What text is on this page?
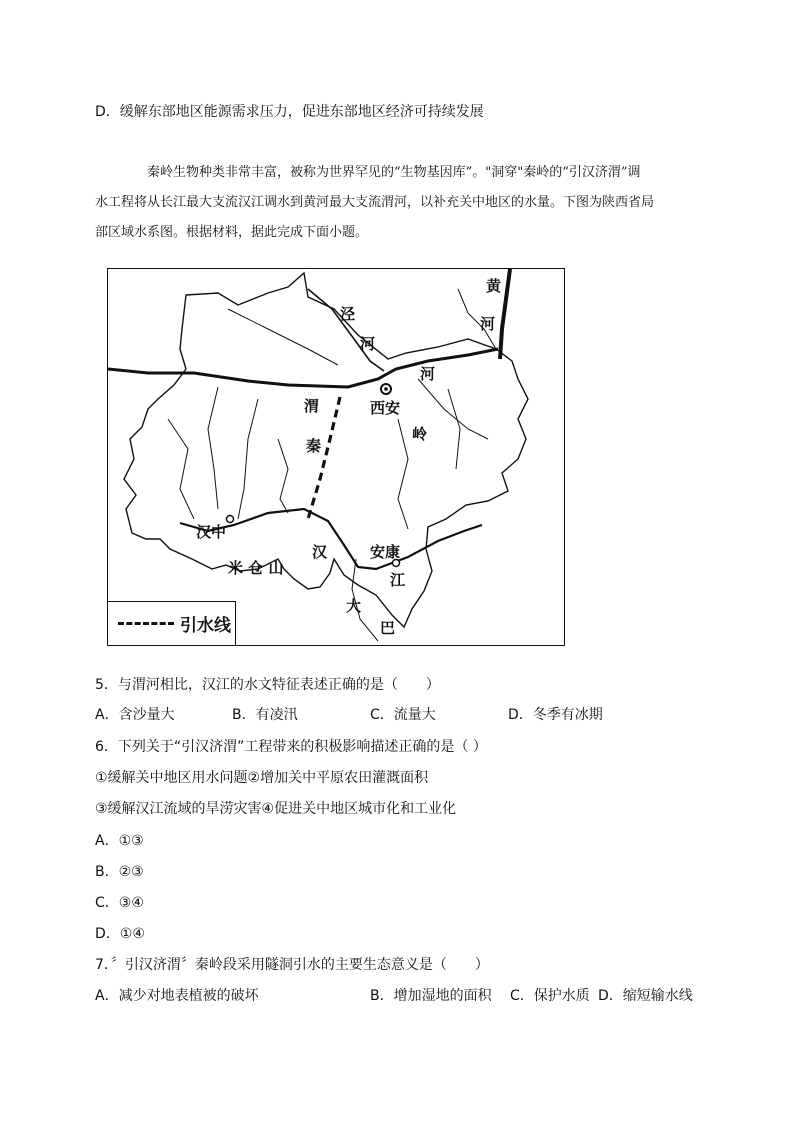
D．缓解东部地区能源需求压力，促进东部地区经济可持续发展

秦岭生物种类非常丰富，被称为世界罕见的“生物基因库”。"洞穿"秦岭的“引汉济渭”调

水工程将从长江最大支流汉江调水到黄河最大支流渭河，以补充关中地区的水量。下图为陕西省局

部区域水系图。根据材料，据此完成下面小题。

黄
河
泾
河
河
渭	西安
秦
岭
汉中
汉	安康
米 仓 山
江
大
巴
引水线
5．与渭河相比，汉江的水文特征表述正确的是（　　）
A．含沙量大	B．有凌汛	C．流量大	D．冬季有冰期
6．下列关于“引汉济渭”工程带来的积极影响描述正确的是（ ）
①缓解关中地区用水问题②增加关中平原农田灌溉面积
③缓解汉江流域的旱涝灾害④促进关中地区城市化和工业化
A．①③
B．②③
C．③④
D．①④
7．〞引汉济渭〞秦岭段采用隧洞引水的主要生态意义是（　　）
A．减少对地表植被的破坏	B．增加湿地的面积 C．保护水质 D．缩短输水线
